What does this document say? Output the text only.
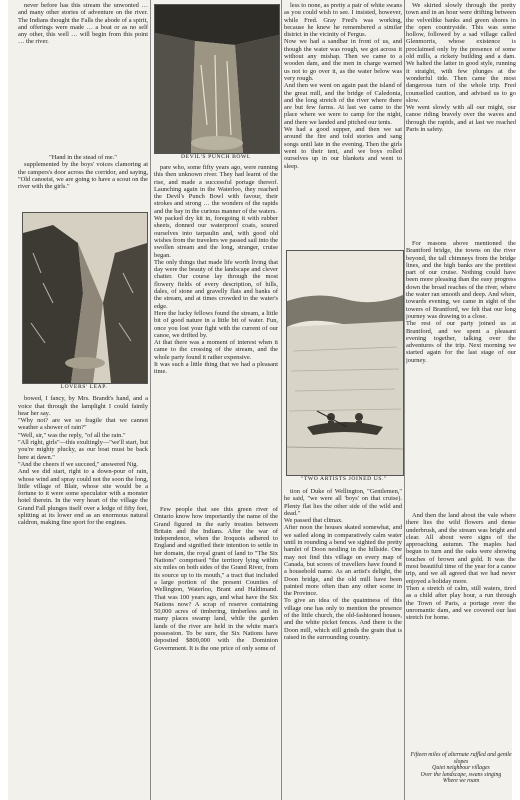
never before has this stream the unwonted … and many other stories of adventure on the river. The Indians thought the Falls the abode of a spirit, and offerings were made … a boat or as no self any other, this well … will begin from this point … the river.

"Hand in the stead of me."

supplemented by the boys' voices clamoring at the campers's door across the corridor, and saying, "Old canoeist, we are going to have a scout on the river with the girls."

bowed, I fancy, by Mrs. Brandt's hand, and a voice that through the lamplight I could faintly hear her say.
"Why not? are we so fragile that we cannot weather a shower of rain?"
"Well, sir," was the reply, "of all the rain."
"All right, girls"—this exultingly—"we'll start, but you're mighty plucky, as our boat must be back here at dawn."
"And the cheers if we succeed," answered Nig.
And we did start, right to a down-pour of rain, whose wind and spray could not the soon the long, little village of Blair, whose site would be a fortune to it were some speculator with a monster hotel therein. In the very heart of the village the Grand Fall plunges itself over a ledge of fifty feet, splitting at its lower end as an enormous natural caldron, making fine sport for the engines.

LOVERS' LEAP.
DEVIL'S PUNCH BOWL

pare who, some fifty years ago, were running this then unknown river. They had learnt of the rise, and made a successful portage thereof. Launching again in the Waterloo, they reached the Devil's Punch Bowl with favour, their strokes and strong … the wonders of the rapids and the bay in the curious manner of the waters.
We packed dry kit in, foregoing it with rubber sheets, donned our waterproof coats, soured ourselves into tarpaulin and, with good old wishes from the travelers we passed sail into the swollen stream and the long, stranger, cruise began.
The only things that made life worth living that day were the beauty of the landscape and clever chatter. Our course lay through the most flowery fields of every description, of hills, dales, of stone and gravelly flats and banks of the stream, and at times crowded to the water's edge.
Here the lucky fellows found the stream, a little bit of good nature in a little bit of water. Fun, once you lost your fight with the current of our canoe, we drifted by.
At that there was a moment of interest when it came to the crossing of the stream, and the whole party found it rather expensive.
It was such a little thing that we had a pleasant time.

Few people that see this green river of Ontario know how importantly the name of the Grand figured in the early treaties between Britain and the Indians. After the war of independence, when the Iroquois adhered to England and signified their intention to settle in her domain, the royal grant of land to "The Six Nations" comprised "the territory lying within six miles on both sides of the Grand River, from its source up to its mouth," a tract that included a large portion of the present Counties of Wellington, Waterloo, Brant and Haldimand. That was 100 years ago, and what have the Six Nations now? A scrap of reserve containing 50,000 acres of timbering, timberless and in many places swamp land, while the garden lands of the river are held in the white man's possession. To be sure, the Six Nations have deposited $800,000 with the Dominion Government. It is the one price of only some of

less to none, as pretty a pair of white swans as you could wish to see. I insisted, however, while Fred. Gray Fred's was working, because he knew he remembered a similar district in the vicinity of Fergus.
Now we had a sandbar in front of us, and though the water was rough, we got across it without any mishap. Then we came to a wooden dam, and the men in charge warned us not to go over it, as the water below was very rough.
And then we went on again past the island of the great mill, and the bridge of Caledonia, and the long stretch of the river where there are but few farms. At last we came to the place where we were to camp for the night, and there we landed and pitched our tents.
We had a good supper, and then we sat around the fire and told stories and sang songs until late in the evening. Then the girls went to their tent, and we boys rolled ourselves up in our blankets and went to sleep.

tion of Duke of Wellington, "Gentlemen," he said, "we were all 'boys' on that cruise). Plenty flat lies the other side of the wild and dead."
We passed that climax.
After noon the houses skated somewhat, and we sailed along in comparatively calm water until in rounding a bend we sighted the pretty hamlet of Doon nestling in the hillside. One may not find this village on every map of Canada, but scores of travellers have found it a household name. As an artist's delight, the Doon bridge, and the old mill have been painted more often than any other scene in the Province.
To give an idea of the quaintness of this village one has only to mention the presence of the little church, the old-fashioned houses, and the white picket fences. And there is the Doon mill, which still grinds the grain that is raised in the surrounding country.

"TWO ARTISTS JOINED US."

We skirted slowly through the pretty town and in an hour were drifting between the velvetlike banks and green shores in the open countryside. This was some hollow, followed by a sad village called Glenmorris, whose existence is proclaimed only by the presence of some old mills, a rickety building and a dam. We halted the latter in good style, running it straight, with few plunges at the wonderful tide. Then came the most dangerous turn of the whole trip. Fred counselled caution, and advised us to go slow.
We went slowly with all our might, our canoe riding bravely over the waves and through the rapids, and at last we reached Paris in safety.

For reasons above mentioned the Brantford bridge, the towns on the river beyond, the tall chimneys from the bridge lines, and the high banks are the prettiest part of our cruise. Nothing could have been more pleasing than the easy progress down the broad reaches of the river, where the water ran smooth and deep. And when, towards evening, we came in sight of the towers of Brantford, we felt that our long journey was drawing to a close.
The rest of our party joined us at Brantford, and we spent a pleasant evening together, talking over the adventures of the trip. Next morning we started again for the last stage of our journey.

And then the land about the vale where there lies the wild flowers and dense underbrush, and the stream was bright and clear. All about were signs of the approaching autumn. The maples had begun to turn and the oaks were showing touches of brown and gold. It was the most beautiful time of the year for a canoe trip, and we all agreed that we had never enjoyed a holiday more.
Then a stretch of calm, still waters, tired as a child after play hour, a run through the Town of Paris, a portage over the unromantic dam, and we covered our last stretch for home.

Fifteen miles of alternate ruffled and gentle slopes
Quiet neighbour villages
Over the landscape, swans singing
Where we roam
